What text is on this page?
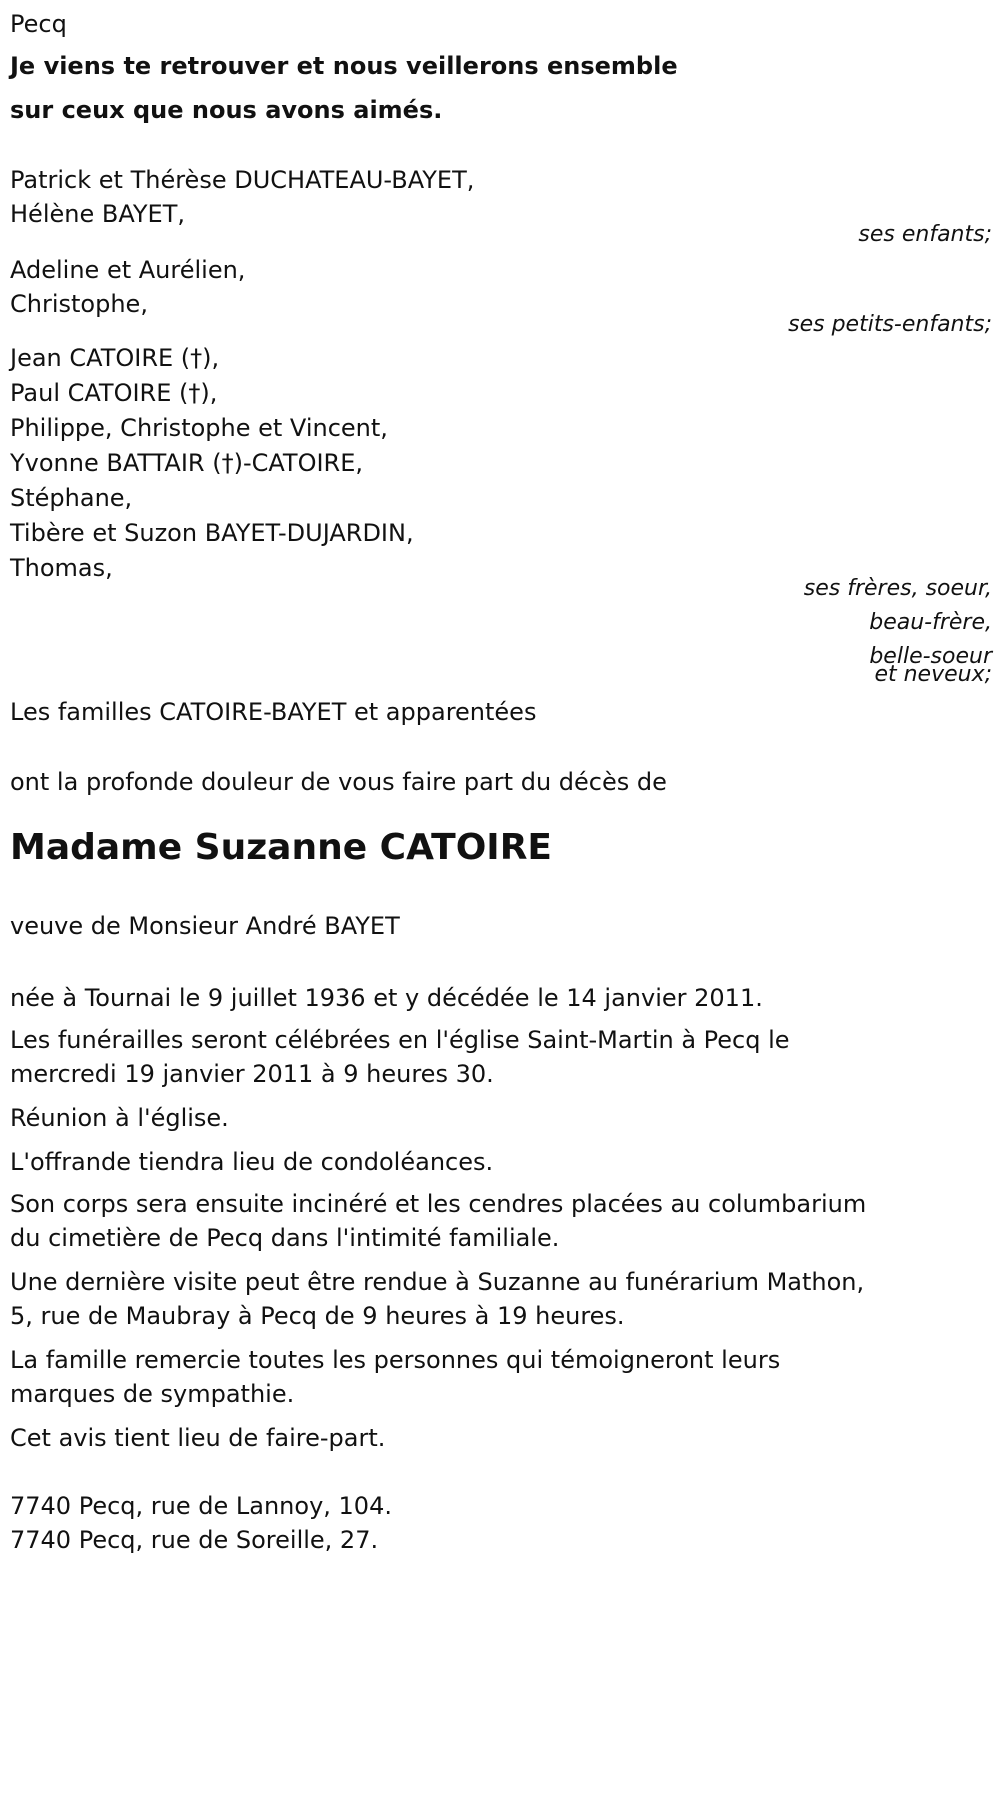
Pecq
Je viens te retrouver et nous veillerons ensemble
sur ceux que nous avons aimés.
Patrick et Thérèse DUCHATEAU-BAYET,
Hélène BAYET,
ses enfants;
Adeline et Aurélien,
Christophe,
ses petits-enfants;
Jean CATOIRE (†),
Paul CATOIRE (†),
Philippe, Christophe et Vincent,
Yvonne BATTAIR (†)-CATOIRE,
Stéphane,
Tibère et Suzon BAYET-DUJARDIN,
Thomas,
ses frères, soeur,
beau-frère,
belle-soeur
et neveux;
Les familles CATOIRE-BAYET et apparentées
ont la profonde douleur de vous faire part du décès de
Madame Suzanne CATOIRE
veuve de Monsieur André BAYET
née à Tournai le 9 juillet 1936 et y décédée le 14 janvier 2011.
Les funérailles seront célébrées en l'église Saint-Martin à Pecq le
mercredi 19 janvier 2011 à 9 heures 30.
Réunion à l'église.
L'offrande tiendra lieu de condoléances.
Son corps sera ensuite incinéré et les cendres placées au columbarium
du cimetière de Pecq dans l'intimité familiale.
Une dernière visite peut être rendue à Suzanne au funérarium Mathon,
5, rue de Maubray à Pecq de 9 heures à 19 heures.
La famille remercie toutes les personnes qui témoigneront leurs
marques de sympathie.
Cet avis tient lieu de faire-part.
7740 Pecq, rue de Lannoy, 104.
7740 Pecq, rue de Soreille, 27.
